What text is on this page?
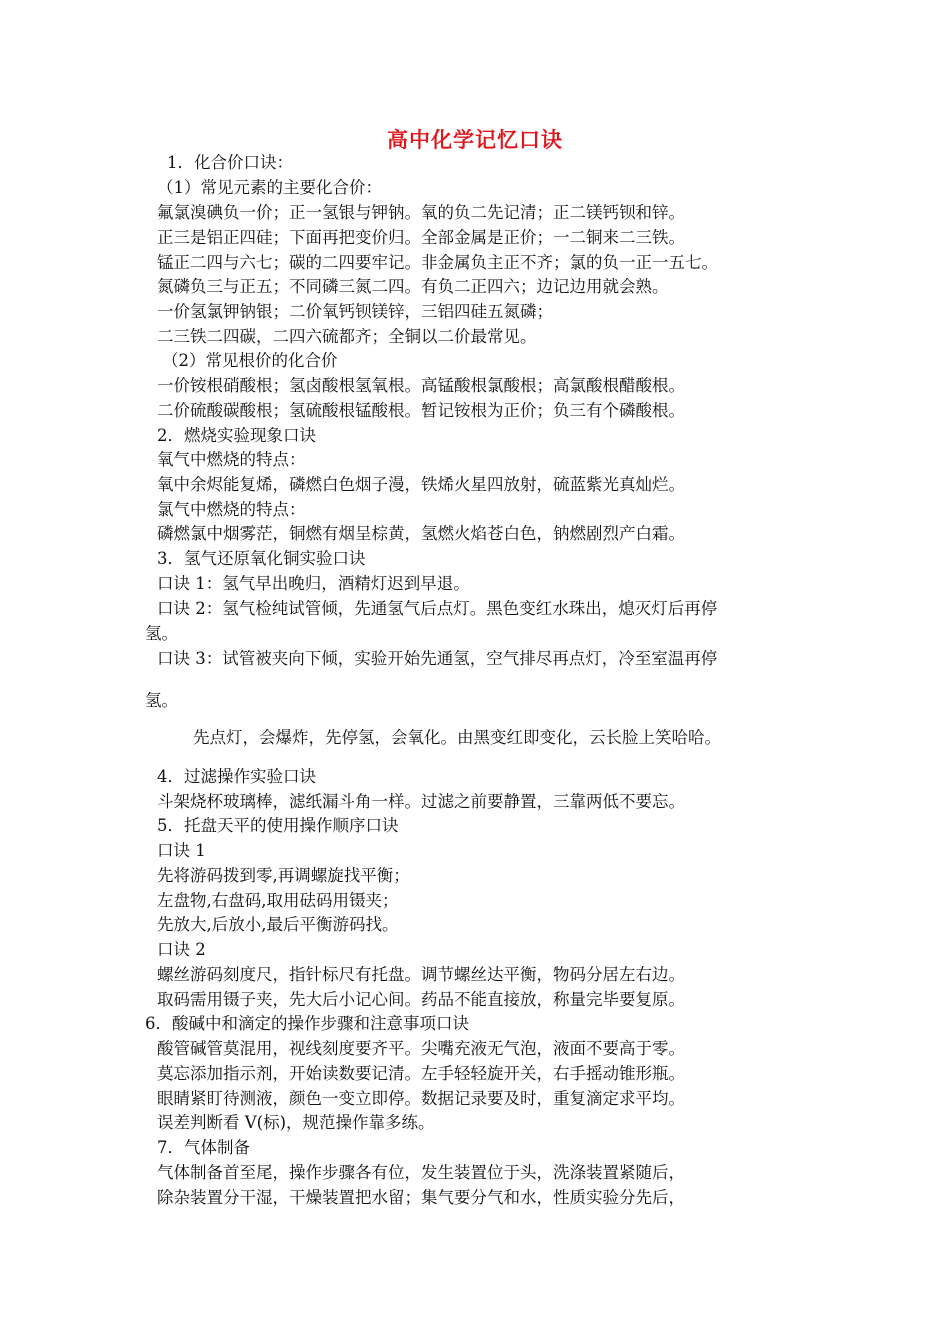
高中化学记忆口诀
1．化合价口诀：
（1）常见元素的主要化合价：
氟氯溴碘负一价；正一氢银与钾钠。氧的负二先记清；正二镁钙钡和锌。
正三是铝正四硅；下面再把变价归。全部金属是正价；一二铜来二三铁。
锰正二四与六七；碳的二四要牢记。非金属负主正不齐；氯的负一正一五七。
氮磷负三与正五；不同磷三氮二四。有负二正四六；边记边用就会熟。
一价氢氯钾钠银；二价氧钙钡镁锌，三铝四硅五氮磷；
二三铁二四碳，二四六硫都齐；全铜以二价最常见。
（2）常见根价的化合价
一价铵根硝酸根；氢卤酸根氢氧根。高锰酸根氯酸根；高氯酸根醋酸根。
二价硫酸碳酸根；氢硫酸根锰酸根。暂记铵根为正价；负三有个磷酸根。
2．燃烧实验现象口诀
氧气中燃烧的特点：
氧中余烬能复烯，磷燃白色烟子漫，铁烯火星四放射，硫蓝紫光真灿烂。
氯气中燃烧的特点：
磷燃氯中烟雾茫，铜燃有烟呈棕黄，氢燃火焰苍白色，钠燃剧烈产白霜。
3．氢气还原氧化铜实验口诀
口诀 1：氢气早出晚归，酒精灯迟到早退。
口诀 2：氢气检纯试管倾，先通氢气后点灯。黑色变红水珠出，熄灭灯后再停
氢。
口诀 3：试管被夹向下倾，实验开始先通氢，空气排尽再点灯，冷至室温再停
氢。
先点灯，会爆炸，先停氢，会氧化。由黑变红即变化，云长脸上笑哈哈。
4．过滤操作实验口诀
斗架烧杯玻璃棒，滤纸漏斗角一样。过滤之前要静置，三靠两低不要忘。
5．托盘天平的使用操作顺序口诀
口诀 1
先将游码拨到零,再调螺旋找平衡；
左盘物,右盘码,取用砝码用镊夹；
先放大,后放小,最后平衡游码找。
口诀 2
螺丝游码刻度尺，指针标尺有托盘。调节螺丝达平衡，物码分居左右边。
取码需用镊子夹，先大后小记心间。药品不能直接放，称量完毕要复原。
6．酸碱中和滴定的操作步骤和注意事项口诀
酸管碱管莫混用，视线刻度要齐平。尖嘴充液无气泡，液面不要高于零。
莫忘添加指示剂，开始读数要记清。左手轻轻旋开关，右手摇动锥形瓶。
眼睛紧盯待测液，颜色一变立即停。数据记录要及时，重复滴定求平均。
误差判断看 V(标)，规范操作靠多练。
7．气体制备
气体制备首至尾，操作步骤各有位，发生装置位于头，洗涤装置紧随后，
除杂装置分干湿，干燥装置把水留；集气要分气和水，性质实验分先后，
